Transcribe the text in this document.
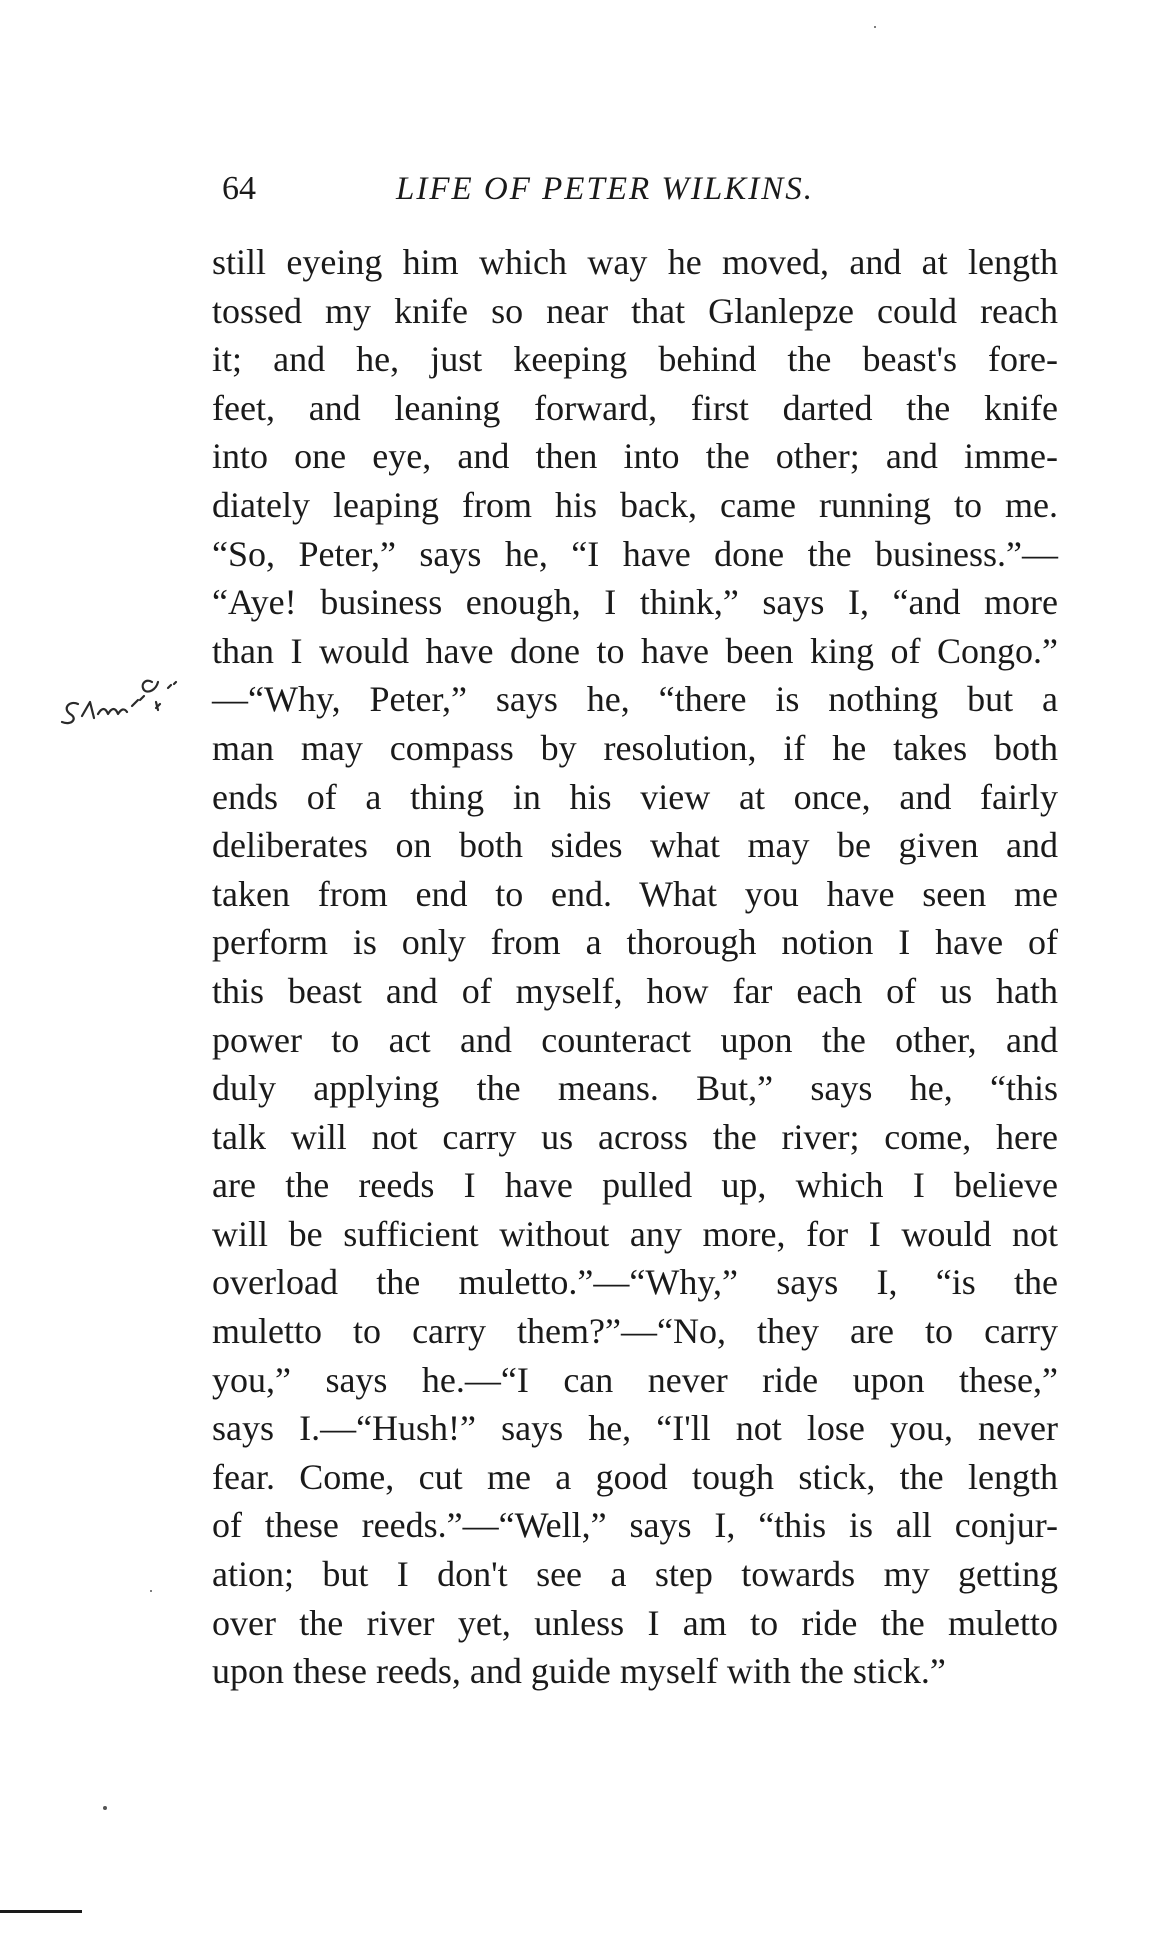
64	LIFE OF PETER WILKINS.
still eyeing him which way he moved, and at length
tossed my knife so near that Glanlepze could reach
it; and he, just keeping behind the beast's fore-
feet, and leaning forward, first darted the knife
into one eye, and then into the other; and imme-
diately leaping from his back, came running to me.
“So, Peter,” says he, “I have done the business.”—
“Aye! business enough, I think,” says I, “and more
than I would have done to have been king of Congo.”
—“Why, Peter,” says he, “there is nothing but a
man may compass by resolution, if he takes both
ends of a thing in his view at once, and fairly
deliberates on both sides what may be given and
taken from end to end. What you have seen me
perform is only from a thorough notion I have of
this beast and of myself, how far each of us hath
power to act and counteract upon the other, and
duly applying the means. But,” says he, “this
talk will not carry us across the river; come, here
are the reeds I have pulled up, which I believe
will be sufficient without any more, for I would not
overload the muletto.”—“Why,” says I, “is the
muletto to carry them?”—“No, they are to carry
you,” says he.—“I can never ride upon these,”
says I.—“Hush!” says he, “I'll not lose you, never
fear. Come, cut me a good tough stick, the length
of these reeds.”—“Well,” says I, “this is all conjur-
ation; but I don't see a step towards my getting
over the river yet, unless I am to ride the muletto
upon these reeds, and guide myself with the stick.”
